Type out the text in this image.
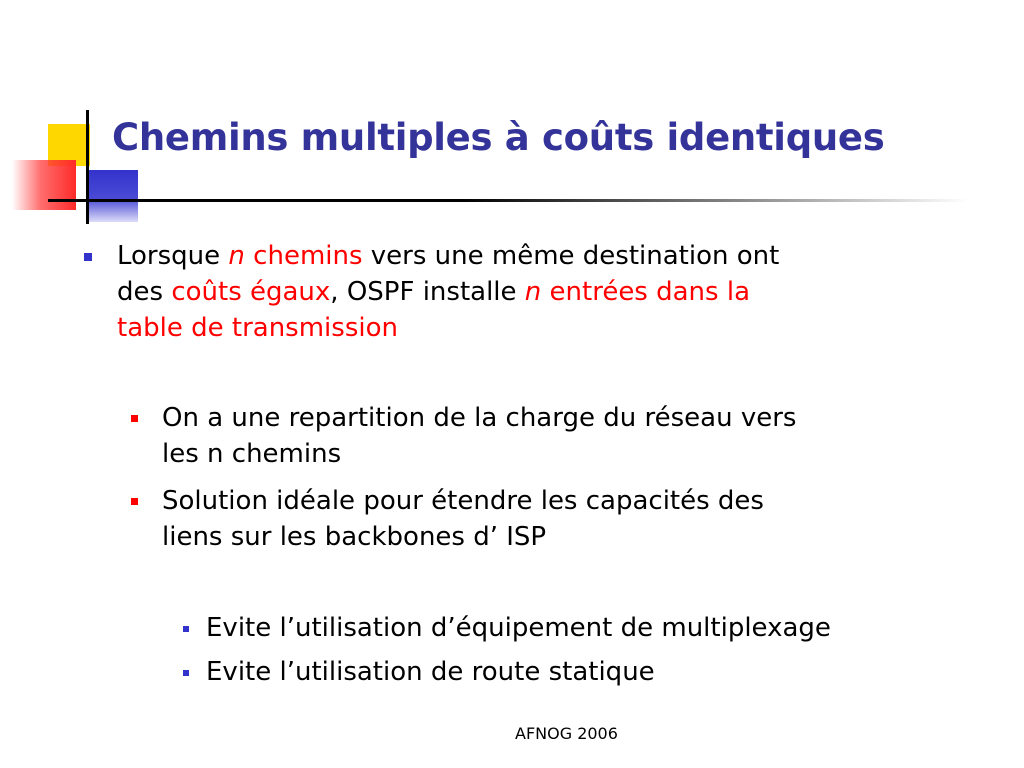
Chemins multiples à coûts identiques
Lorsque n chemins vers une même destination ont
des coûts égaux, OSPF installe n entrées dans la
table de transmission
On a une repartition de la charge du réseau vers
les n chemins
Solution idéale pour étendre les capacités des
liens sur les backbones d’ ISP
Evite l’utilisation d’équipement de multiplexage
Evite l’utilisation de route statique
AFNOG 2006
